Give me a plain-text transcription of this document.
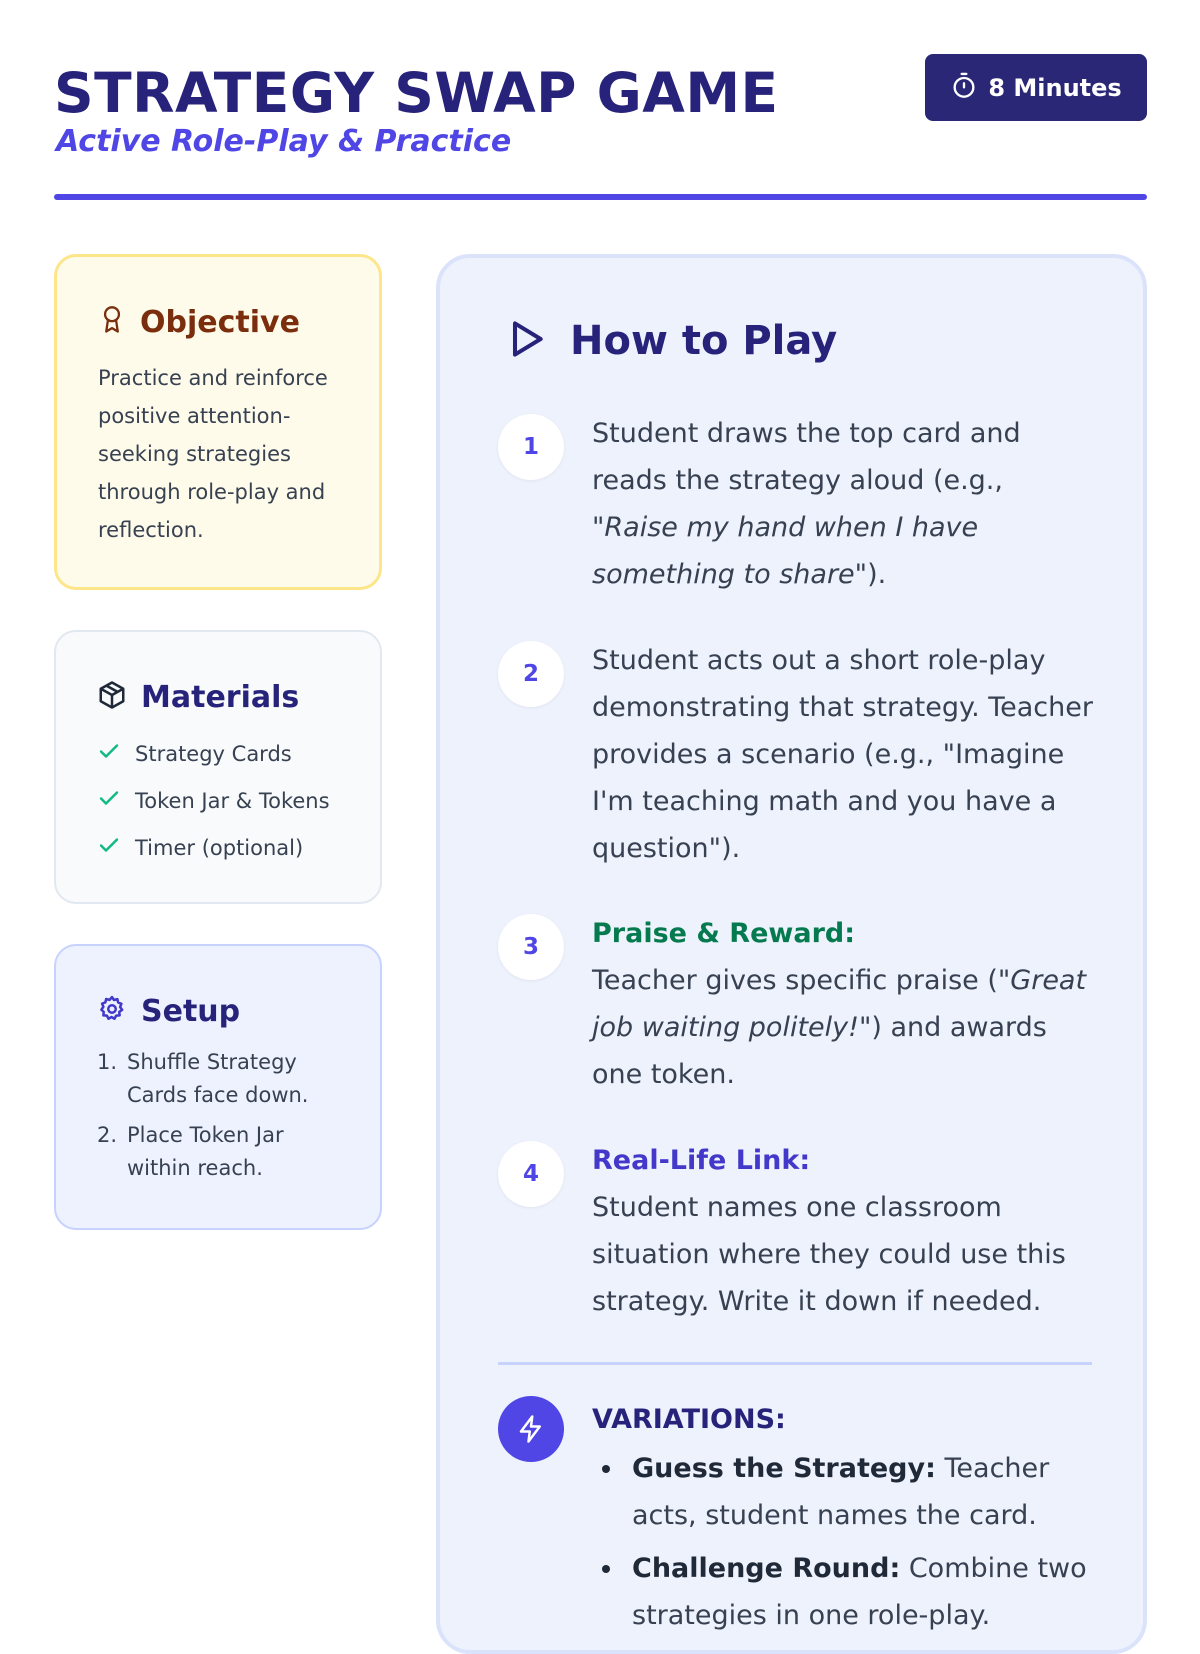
STRATEGY SWAP GAME
Active Role-Play & Practice
8 Minutes
Objective

Practice and reinforce positive attention-seeking strategies through role-play and reflection.

Materials
Strategy Cards
Token Jar & Tokens
Timer (optional)
Setup
1. Shuffle Strategy Cards face down.
2. Place Token Jar within reach.
How to Play
1	Student draws the top card and reads the strategy aloud (e.g., "Raise my hand when I have something to share").
2	Student acts out a short role-play demonstrating that strategy. Teacher provides a scenario (e.g., "Imagine I'm teaching math and you have a question").
3	Praise & Reward:
Teacher gives specific praise ("Great job waiting politely!") and awards one token.
4	Real-Life Link:
Student names one classroom situation where they could use this strategy. Write it down if needed.
VARIATIONS:
Guess the Strategy: Teacher acts, student names the card.
Challenge Round: Combine two strategies in one role-play.
